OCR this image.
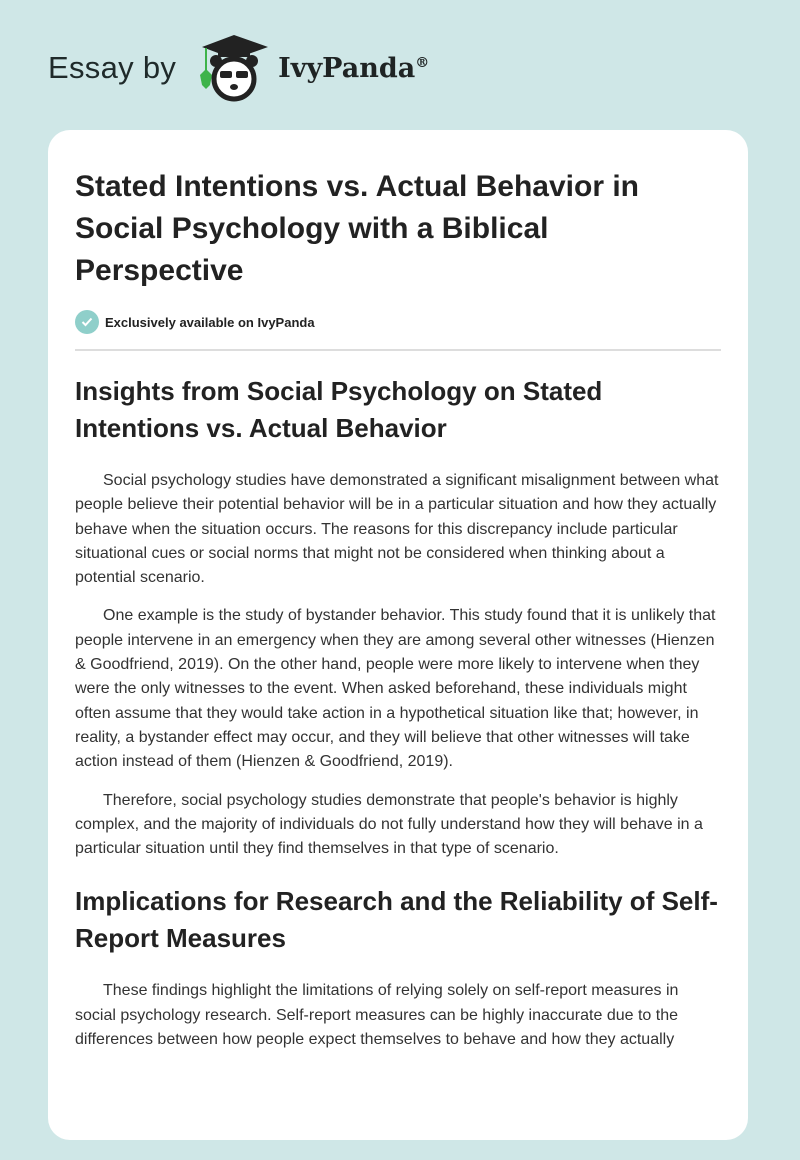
Essay by	IvyPanda®
Stated Intentions vs. Actual Behavior in Social Psychology with a Biblical Perspective
Exclusively available on IvyPanda
Insights from Social Psychology on Stated Intentions vs. Actual Behavior

Social psychology studies have demonstrated a significant misalignment between what people believe their potential behavior will be in a particular situation and how they actually behave when the situation occurs. The reasons for this discrepancy include particular situational cues or social norms that might not be considered when thinking about a potential scenario.

One example is the study of bystander behavior. This study found that it is unlikely that people intervene in an emergency when they are among several other witnesses (Hienzen & Goodfriend, 2019). On the other hand, people were more likely to intervene when they were the only witnesses to the event. When asked beforehand, these individuals might often assume that they would take action in a hypothetical situation like that; however, in reality, a bystander effect may occur, and they will believe that other witnesses will take action instead of them (Hienzen & Goodfriend, 2019).

Therefore, social psychology studies demonstrate that people's behavior is highly complex, and the majority of individuals do not fully understand how they will behave in a particular situation until they find themselves in that type of scenario.

Implications for Research and the Reliability of Self-Report Measures

These findings highlight the limitations of relying solely on self-report measures in social psychology research. Self-report measures can be highly inaccurate due to the differences between how people expect themselves to behave and how they actually
